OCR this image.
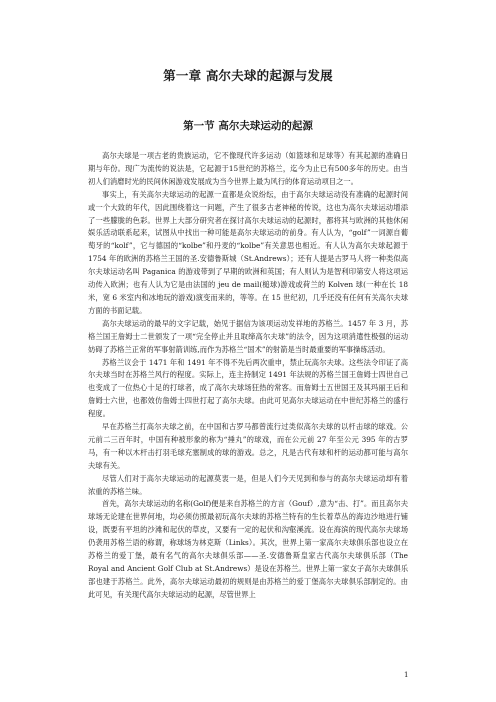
第一章 高尔夫球的起源与发展
第一节 高尔夫球运动的起源

高尔夫球是一项古老的贵族运动，它不像现代许多运动（如篮球和足球等）有其起源的准确日期与年份。现广为流传的说法是，它起源于15世纪的苏格兰，迄今为止已有500多年的历史。由当初人们消磨时光的民间休闲游戏发展成为当今世界上最为风行的体育运动项目之一。

事实上，有关高尔夫球运动的起源一直都是众说纷纭，由于高尔夫球运动没有准确的起源时间或一个大致的年代，因此围绕着这一问题，产生了很多古老神秘的传说，这也为高尔夫球运动增添了一些朦胧的色彩。世界上大部分研究者在探讨高尔夫球运动的起源时，都将其与欧洲的其他休闲娱乐活动联系起来，试图从中找出一种可能是高尔夫球运动的前身。有人认为，“golf”一词源自葡萄牙的“kolf”，它与德国的“kolbe”和丹麦的“kolbe”有关意思也相近。有人认为高尔夫球起源于 1754 年的欧洲的苏格兰王国的圣.安德鲁斯城（St.Andrews）；还有人提是古罗马人将一种类似高尔夫球运动名叫 Paganica 的游戏带到了早期的欧洲和英国；有人则认为是智利印第安人将这项运动传入欧洲；也有人认为它是由法国的 jeu de mail(槌球)游戏或荷兰的 Kolven 球(一种在长 18 米，宽 6 米室内和冰地玩的游戏)演变而来的，等等。在 15 世纪初，几乎还没有任何有关高尔夫球方面的书面记载。

高尔夫球运动的最早的文字记载，始见于据信为该项运动发祥地的苏格兰。1457 年 3 月，苏格兰国王詹姆士二世颁发了一项“完全停止并且取缔高尔夫球”的法令，因为这项消遣性极强的运动妨碍了苏格兰正常的军事射箭训练,而作为苏格兰“国术”的射箭是当时最重要的军事操练活动。

苏格兰议会于 1471 年和 1491 年不得不先后两次重申，禁止玩高尔夫球。这些法令印证了高尔夫球当时在苏格兰风行的程度。实际上，连主持制定 1491 年法规的苏格兰国王詹姆士四世自己也变成了一位热心十足的打球者，成了高尔夫球场狂热的常客。而詹姆士五世国王及其玛丽王后和詹姆士六世，也都效仿詹姆士四世打起了高尔夫球。由此可见高尔夫球运动在中世纪苏格兰的盛行程度。

早在苏格兰打高尔夫球之前，在中国和古罗马都曾流行过类似高尔夫球的以杆击球的球戏。公元前二三百年时，中国有种被形象的称为“捶丸”的球戏，而在公元前 27 年至公元 395 年的古罗马，有一种以木杆击打羽毛球充塞制成的球的游戏。总之，凡是古代有球和杆的运动都可能与高尔夫球有关。

尽管人们对于高尔夫球运动的起源莫衷一是，但是人们今天见到和参与的高尔夫球运动却有着浓重的苏格兰味。

首先，高尔夫球运动的名称(Golf)便是来自苏格兰的方言（Gouf）,意为“击、打”。而且高尔夫球场无论建在世界何地，均必须仿照最初玩高尔夫球的苏格兰特有的生长着草丛的海边沙地进行铺设，既要有平坦的沙滩和起伏的草皮，又要有一定的起伏和沟壑溪流。设在海滨的现代高尔夫球场仍袭用苏格兰语的称谓，称球场为林克斯（Links）。其次，世界上第一家高尔夫球俱乐部也设立在苏格兰的爱丁堡，最有名气的高尔夫球俱乐部——圣.安德鲁斯皇家古代高尔夫球俱乐部（The Royal and Ancient Golf Club at St.Andrews）是设在苏格兰。世界上第一家女子高尔夫球俱乐部也建于苏格兰。此外，高尔夫球运动最初的规则是由苏格兰的爱丁堡高尔夫球俱乐部制定的。由此可见，有关现代高尔夫球运动的起源，尽管世界上

1
